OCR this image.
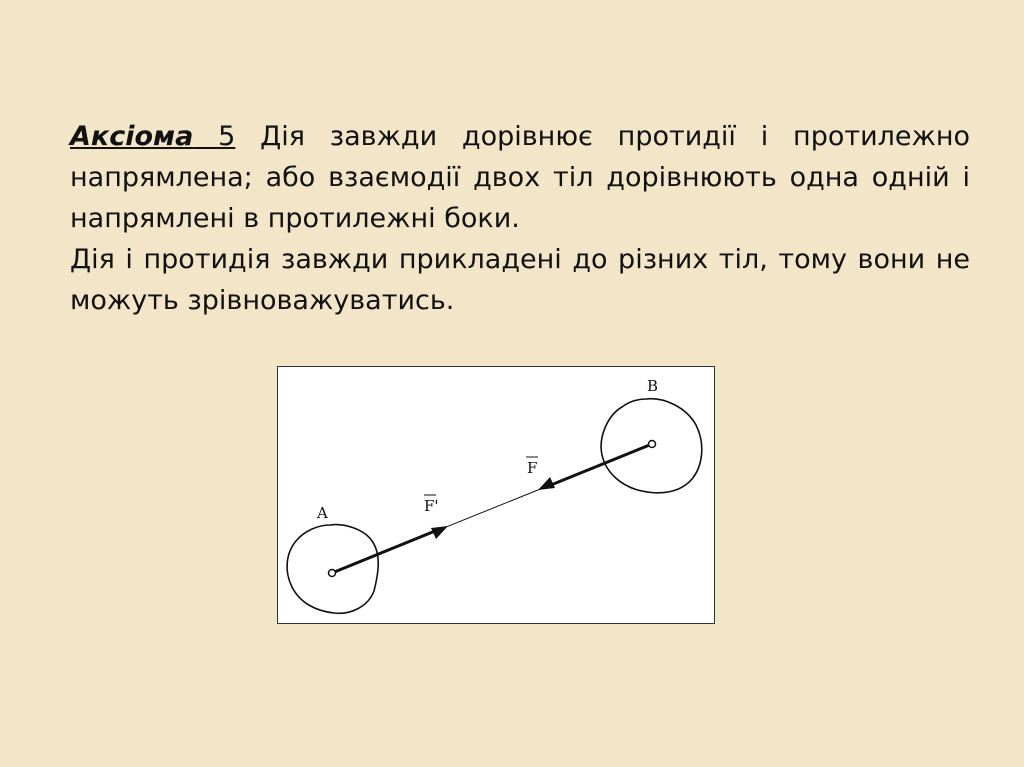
Аксіома 5 Дія завжди дорівнює протидії і протилежно напрямлена; або взаємодії двох тіл дорівнюють одна одній і напрямлені в протилежні боки.

Дія і протидія завжди прикладені до різних тіл, тому вони не можуть зрівноважуватись.

A
B
F'
F
